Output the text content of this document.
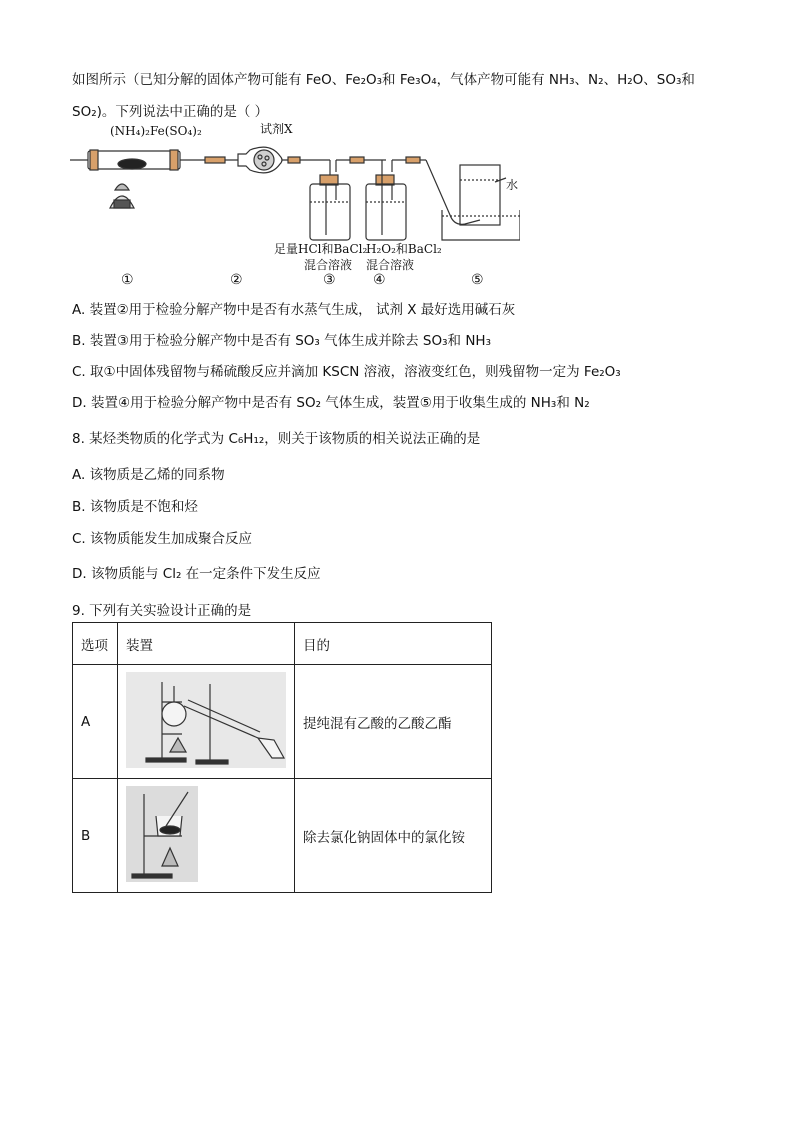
如图所示（已知分解的固体产物可能有 FeO、Fe₂O₃和 Fe₃O₄，气体产物可能有 NH₃、N₂、H₂O、SO₃和
SO₂)。下列说法中正确的是（ ）
(NH₄)₂Fe(SO₄)₂	试剂X
水
足量HCl和BaCl₂
混合溶液
H₂O₂和BaCl₂
混合溶液
①	②	③	④	⑤
A. 装置②用于检验分解产物中是否有水蒸气生成， 试剂 X 最好选用碱石灰
B. 装置③用于检验分解产物中是否有 SO₃ 气体生成并除去 SO₃和 NH₃
C. 取①中固体残留物与稀硫酸反应并滴加 KSCN 溶液，溶液变红色，则残留物一定为 Fe₂O₃
D. 装置④用于检验分解产物中是否有 SO₂ 气体生成，装置⑤用于收集生成的 NH₃和 N₂
8. 某烃类物质的化学式为 C₆H₁₂，则关于该物质的相关说法正确的是
A. 该物质是乙烯的同系物
B. 该物质是不饱和烃
C. 该物质能发生加成聚合反应
D. 该物质能与 Cl₂ 在一定条件下发生反应
9. 下列有关实验设计正确的是
选项	装置	目的
A		提纯混有乙酸的乙酸乙酯
B		除去氯化钠固体中的氯化铵
